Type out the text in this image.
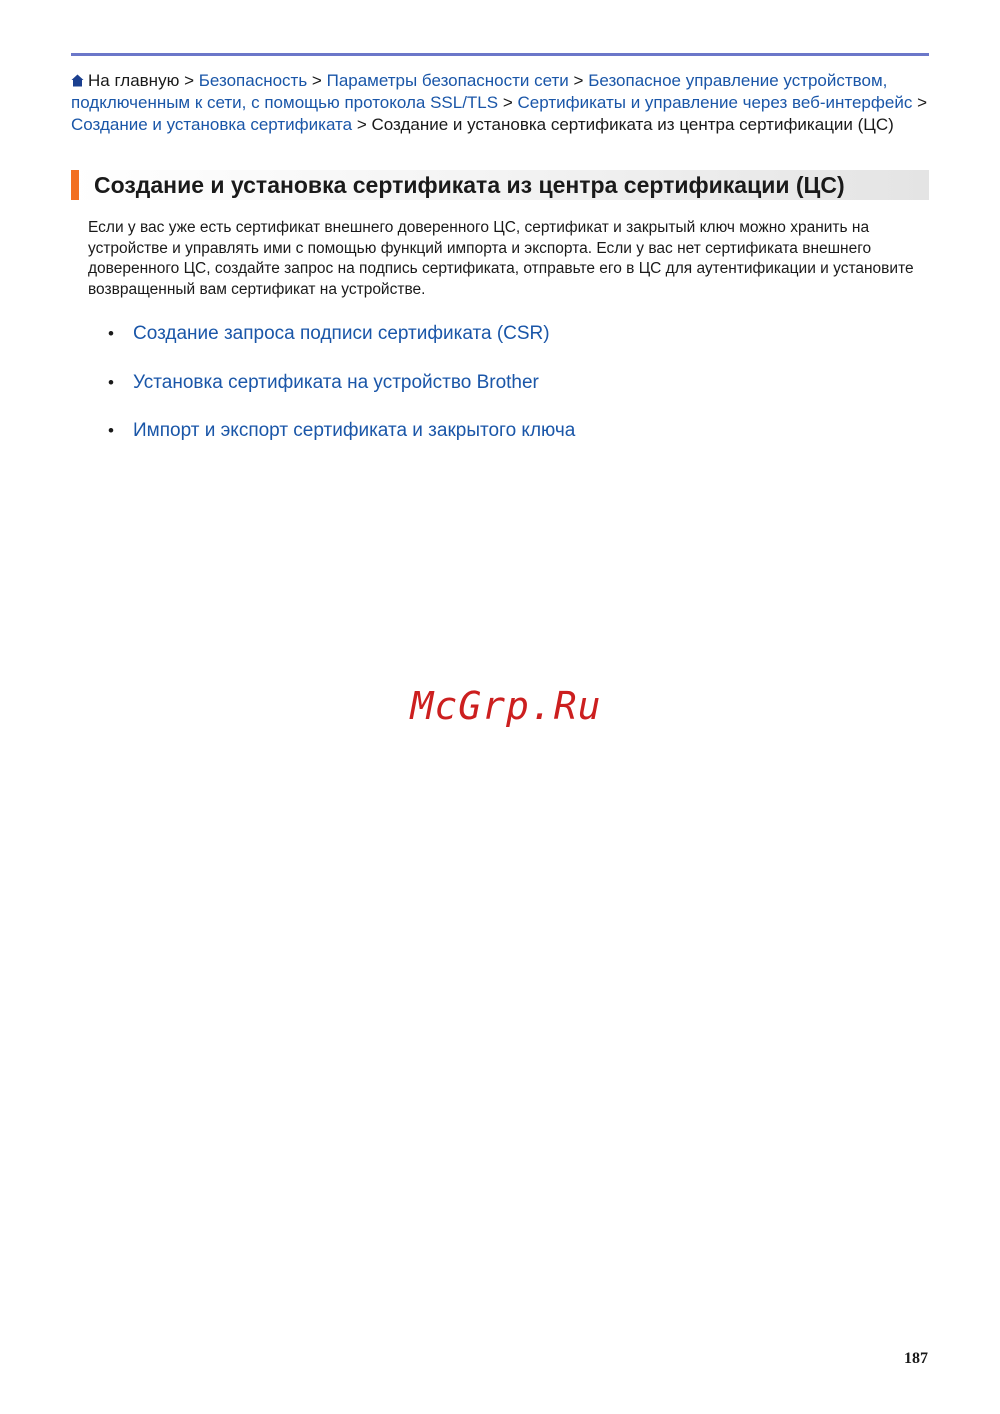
На главную > Безопасность > Параметры безопасности сети > Безопасное управление устройством, подключенным к сети, с помощью протокола SSL/TLS > Сертификаты и управление через веб-интерфейс > Создание и установка сертификата > Создание и установка сертификата из центра сертификации (ЦС)
Создание и установка сертификата из центра сертификации (ЦС)

Если у вас уже есть сертификат внешнего доверенного ЦС, сертификат и закрытый ключ можно хранить на устройстве и управлять ими с помощью функций импорта и экспорта. Если у вас нет сертификата внешнего доверенного ЦС, создайте запрос на подпись сертификата, отправьте его в ЦС для аутентификации и установите возвращенный вам сертификат на устройстве.

• Создание запроса подписи сертификата (CSR)
• Установка сертификата на устройство Brother
• Импорт и экспорт сертификата и закрытого ключа
McGrp.Ru
187
